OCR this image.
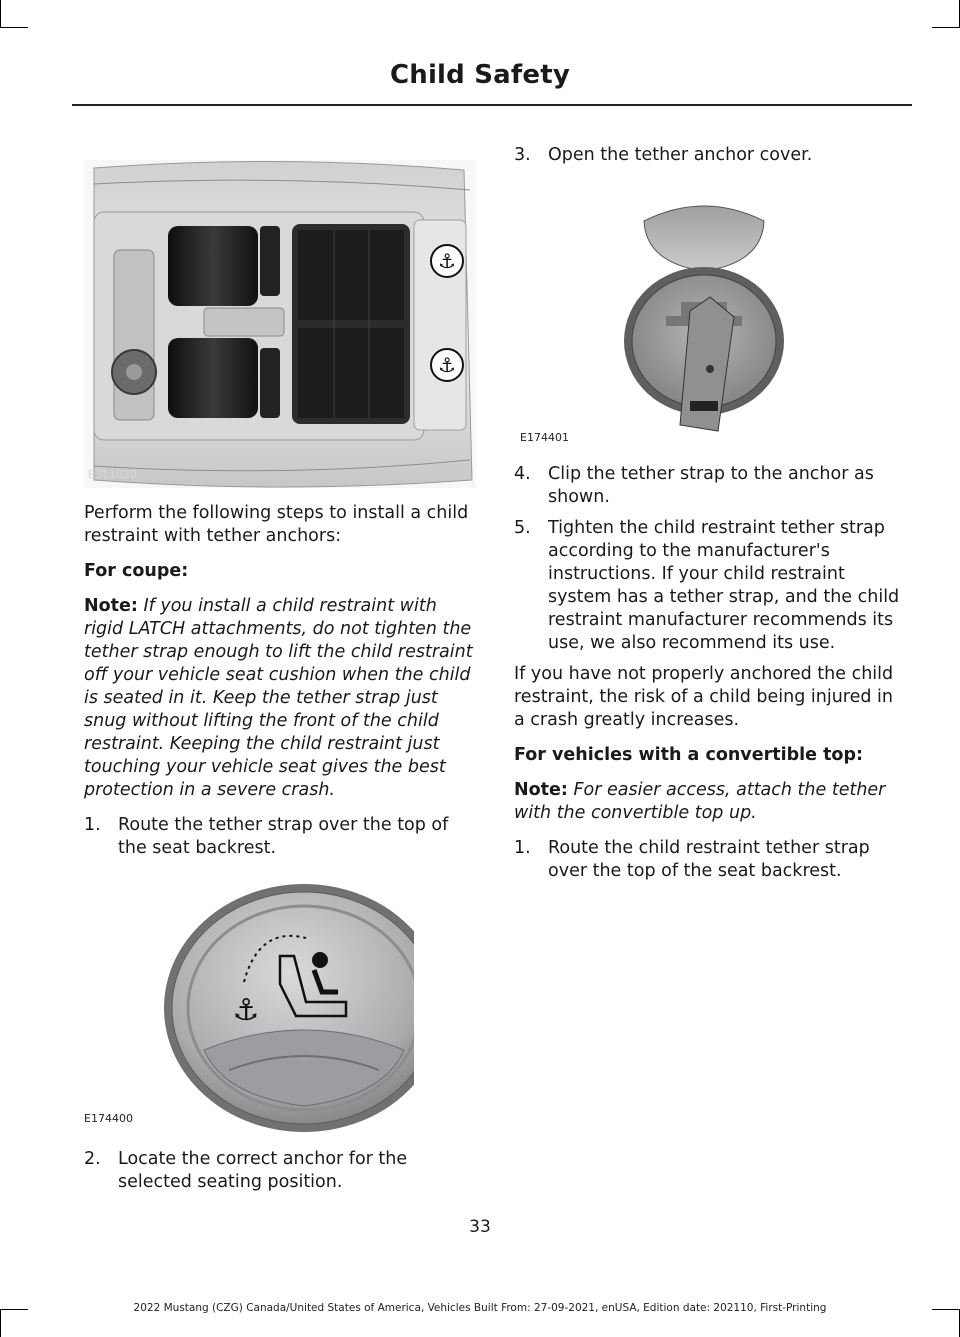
Child Safety
⚓
⚓
E311020

Perform the following steps to install a child restraint with tether anchors:

For coupe:

Note: If you install a child restraint with rigid LATCH attachments, do not tighten the tether strap enough to lift the child restraint off your vehicle seat cushion when the child is seated in it. Keep the tether strap just snug without lifting the front of the child restraint. Keeping the child restraint just touching your vehicle seat gives the best protection in a severe crash.

1. Route the tether strap over the top of the seat backrest.
⚓
E174400
2. Locate the correct anchor for the selected seating position.
3. Open the tether anchor cover.
E174401
4. Clip the tether strap to the anchor as shown.
5. Tighten the child restraint tether strap according to the manufacturer's instructions. If your child restraint system has a tether strap, and the child restraint manufacturer recommends its use, we also recommend its use.

If you have not properly anchored the child restraint, the risk of a child being injured in a crash greatly increases.

For vehicles with a convertible top:

Note: For easier access, attach the tether with the convertible top up.

1. Route the child restraint tether strap over the top of the seat backrest.
33
2022 Mustang (CZG) Canada/United States of America, Vehicles Built From: 27-09-2021, enUSA, Edition date: 202110, First-Printing
